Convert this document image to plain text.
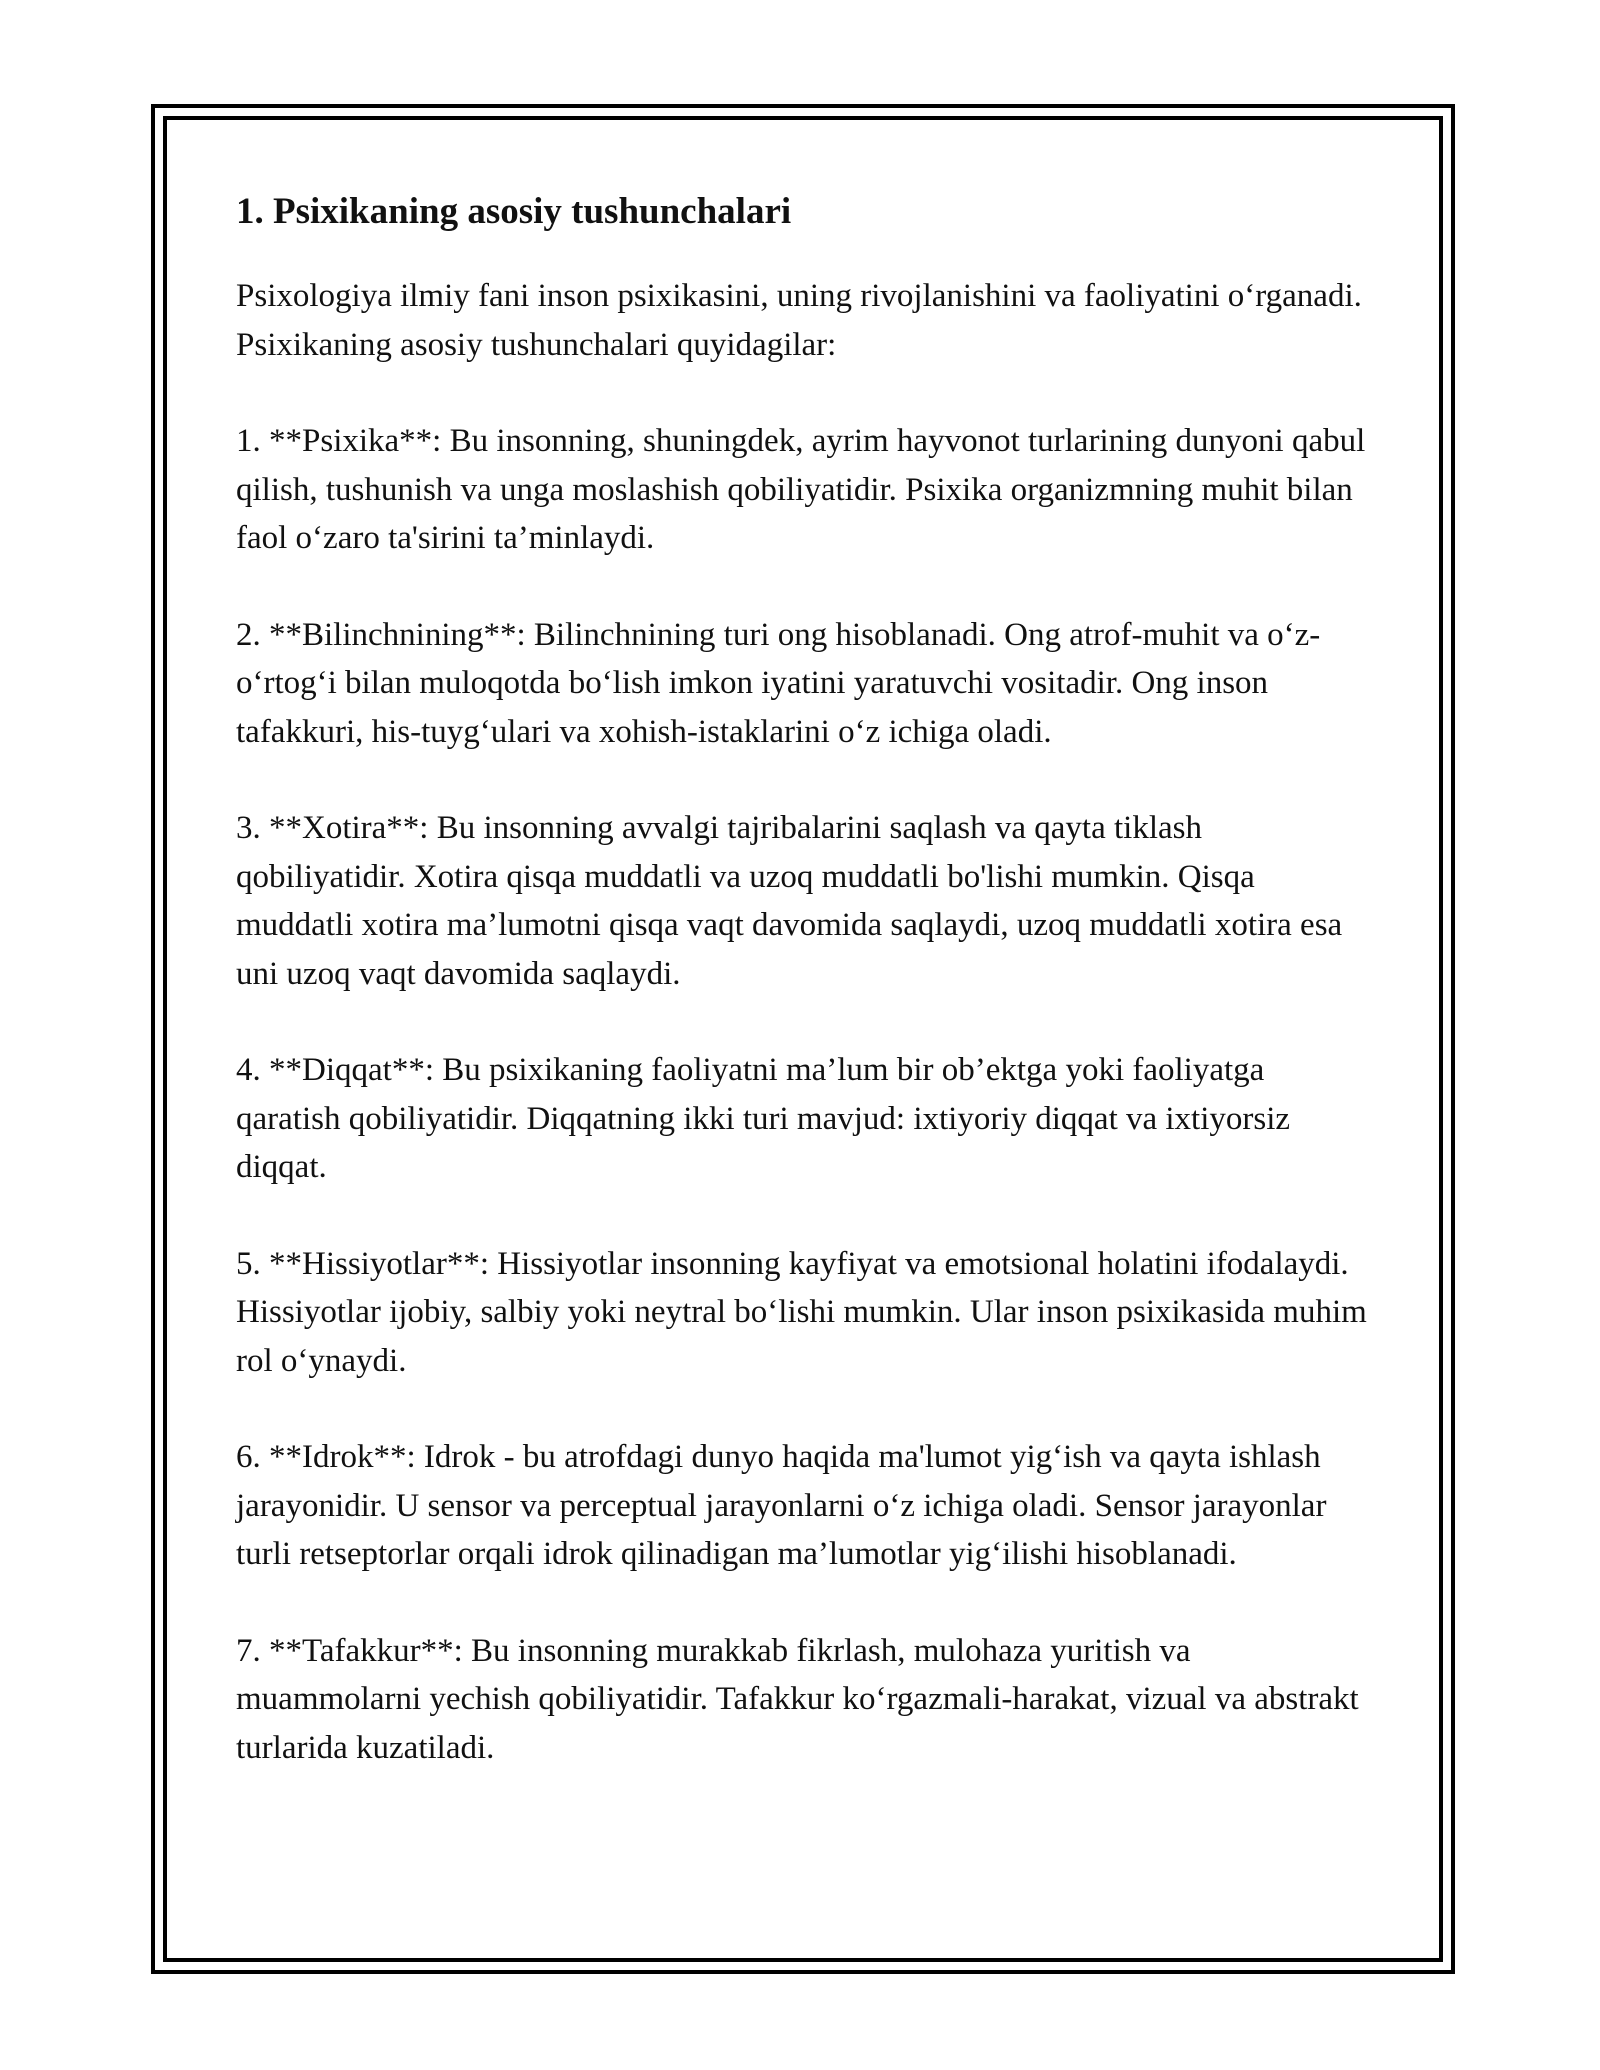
1. Psixikaning asosiy tushunchalari

Psixologiya ilmiy fani inson psixikasini, uning rivojlanishini va faoliyatini o‘rganadi. Psixikaning asosiy tushunchalari quyidagilar:

1. **Psixika**: Bu insonning, shuningdek, ayrim hayvonot turlarining dunyoni qabul qilish, tushunish va unga moslashish qobiliyatidir. Psixika organizmning muhit bilan faol o‘zaro ta'sirini ta’minlaydi.

2. **Bilinchnining**: Bilinchnining turi ong hisoblanadi. Ong atrof-muhit va o‘z-o‘rtog‘i bilan muloqotda bo‘lish imkon iyatini yaratuvchi vositadir. Ong inson tafakkuri, his-tuyg‘ulari va xohish-istaklarini o‘z ichiga oladi.

3. **Xotira**: Bu insonning avvalgi tajribalarini saqlash va qayta tiklash qobiliyatidir. Xotira qisqa muddatli va uzoq muddatli bo'lishi mumkin. Qisqa muddatli xotira ma’lumotni qisqa vaqt davomida saqlaydi, uzoq muddatli xotira esa uni uzoq vaqt davomida saqlaydi.

4. **Diqqat**: Bu psixikaning faoliyatni ma’lum bir ob’ektga yoki faoliyatga qaratish qobiliyatidir. Diqqatning ikki turi mavjud: ixtiyoriy diqqat va ixtiyorsiz diqqat.

5. **Hissiyotlar**: Hissiyotlar insonning kayfiyat va emotsional holatini ifodalaydi. Hissiyotlar ijobiy, salbiy yoki neytral bo‘lishi mumkin. Ular inson psixikasida muhim rol o‘ynaydi.

6. **Idrok**: Idrok - bu atrofdagi dunyo haqida ma'lumot yig‘ish va qayta ishlash jarayonidir. U sensor va perceptual jarayonlarni o‘z ichiga oladi. Sensor jarayonlar turli retseptorlar orqali idrok qilinadigan ma’lumotlar yig‘ilishi hisoblanadi.

7. **Tafakkur**: Bu insonning murakkab fikrlash, mulohaza yuritish va muammolarni yechish qobiliyatidir. Tafakkur ko‘rgazmali-harakat, vizual va abstrakt turlarida kuzatiladi.
